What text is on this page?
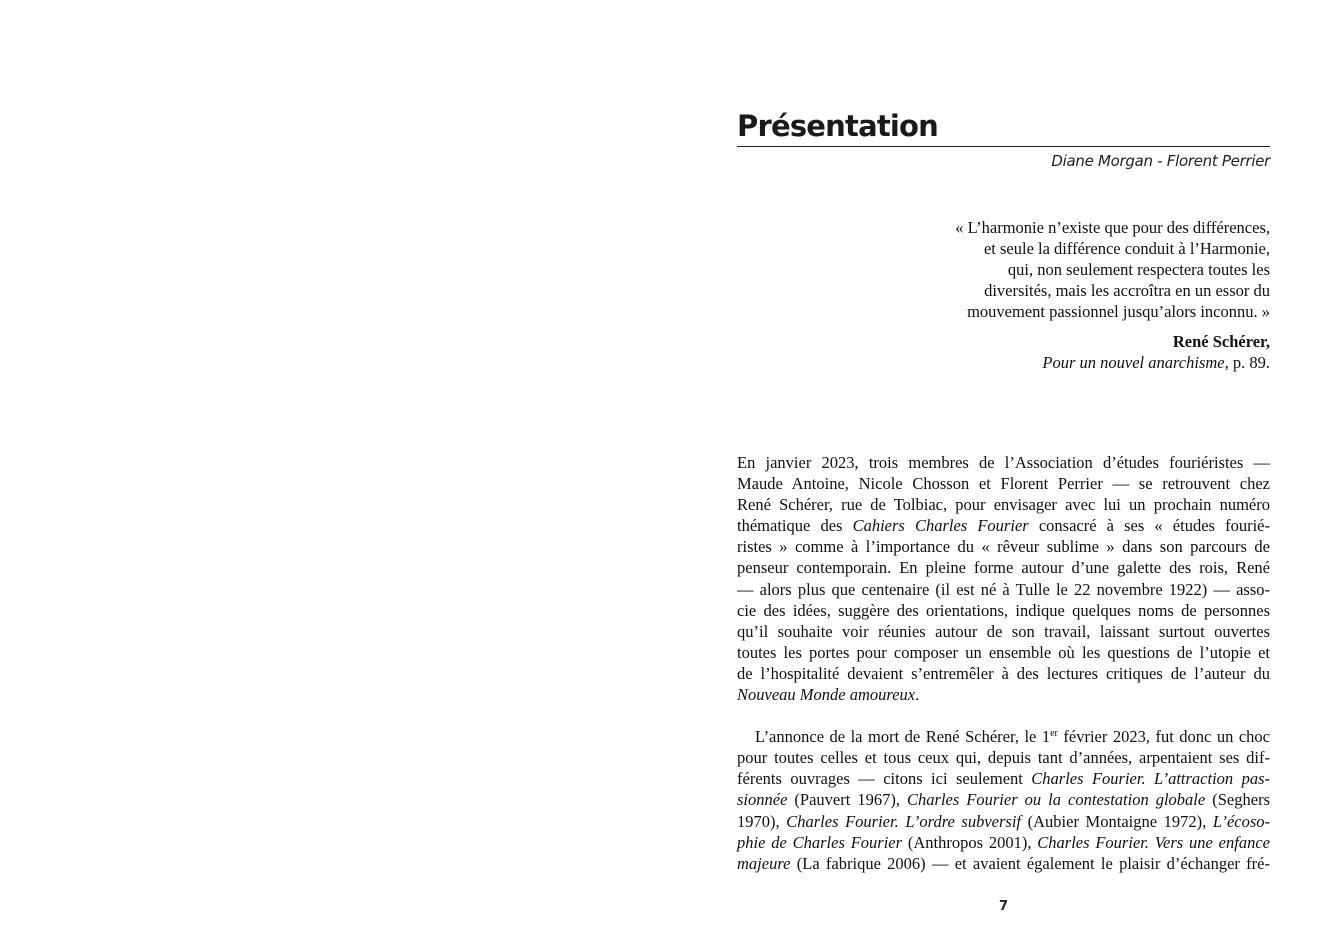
Présentation
Diane Morgan - Florent Perrier
« L’harmonie n’existe que pour des différences,
et seule la différence conduit à l’Harmonie,
qui, non seulement respectera toutes les
diversités, mais les accroîtra en un essor du
mouvement passionnel jusqu’alors inconnu. »
René Schérer,
Pour un nouvel anarchisme, p. 89.
En janvier 2023, trois membres de l’Association d’études fouriéristes —
Maude Antoine, Nicole Chosson et Florent Perrier — se retrouvent chez
René Schérer, rue de Tolbiac, pour envisager avec lui un prochain numéro
thématique des Cahiers Charles Fourier consacré à ses « études fourié-
ristes » comme à l’importance du « rêveur sublime » dans son parcours de
penseur contemporain. En pleine forme autour d’une galette des rois, René
— alors plus que centenaire (il est né à Tulle le 22 novembre 1922) — asso-
cie des idées, suggère des orientations, indique quelques noms de personnes
qu’il souhaite voir réunies autour de son travail, laissant surtout ouvertes
toutes les portes pour composer un ensemble où les questions de l’utopie et
de l’hospitalité devaient s’entremêler à des lectures critiques de l’auteur du
Nouveau Monde amoureux.
L’annonce de la mort de René Schérer, le 1er février 2023, fut donc un choc
pour toutes celles et tous ceux qui, depuis tant d’années, arpentaient ses dif-
férents ouvrages — citons ici seulement Charles Fourier. L’attraction pas-
sionnée (Pauvert 1967), Charles Fourier ou la contestation globale (Seghers
1970), Charles Fourier. L’ordre subversif (Aubier Montaigne 1972), L’écoso-
phie de Charles Fourier (Anthropos 2001), Charles Fourier. Vers une enfance
majeure (La fabrique 2006) — et avaient également le plaisir d’échanger fré-
7
